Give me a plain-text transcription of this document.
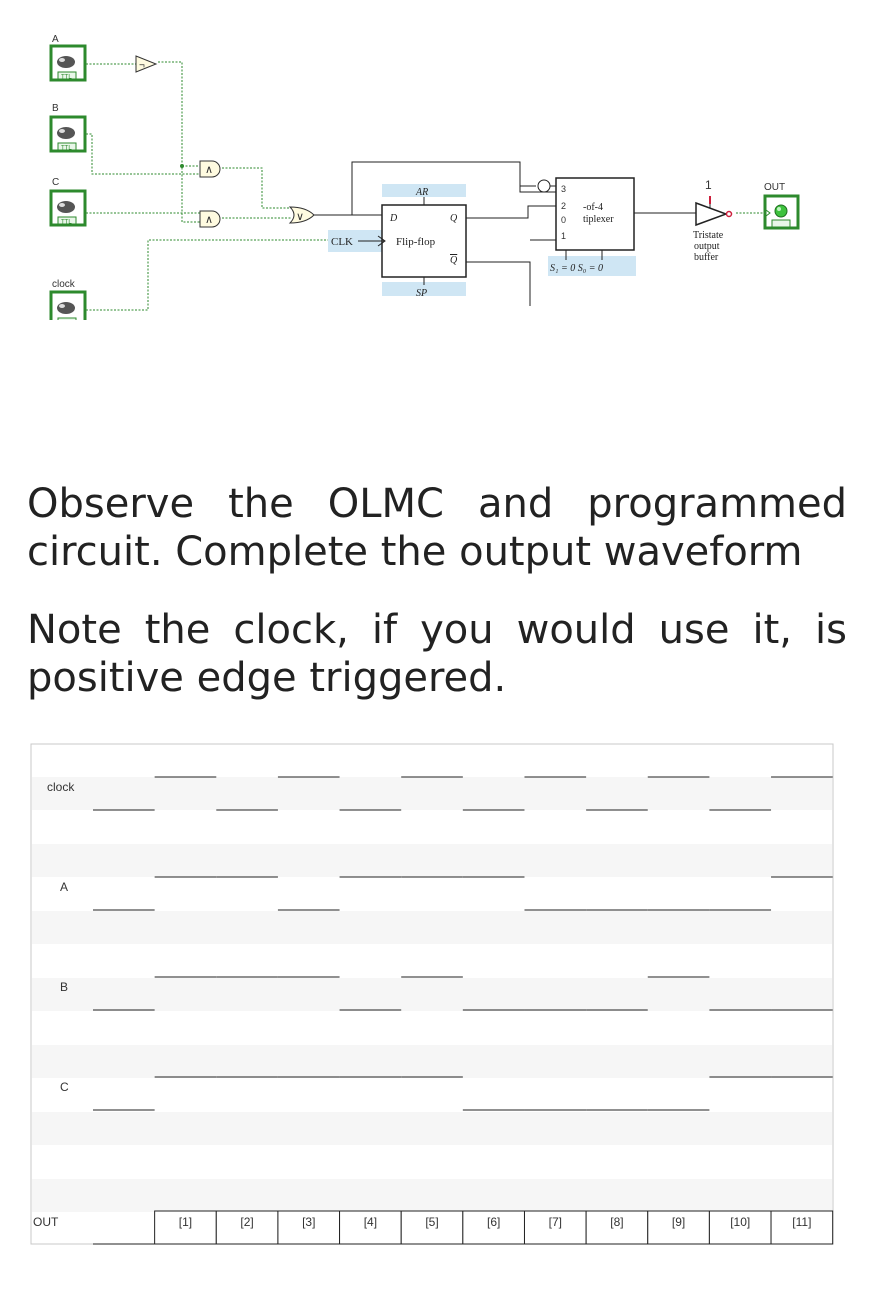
A
TTL
B
TTL
C
TTL
clock
¬
∧
∧	∨
AR
SP
D	Q
Q
CLK	Flip-flop
3
2
0
1
-of-4
tiplexer
S₁ = 0 S₀ = 0
1
Tristate
output
buffer
OUT

Observe the OLMC and programmed circuit. Complete the output waveform

Note the clock, if you would use it, is positive edge triggered.

clock
A
B
C
OUT	[1]	[2]	[3]	[4]	[5]	[6]	[7]	[8]	[9]	[10]	[11]
